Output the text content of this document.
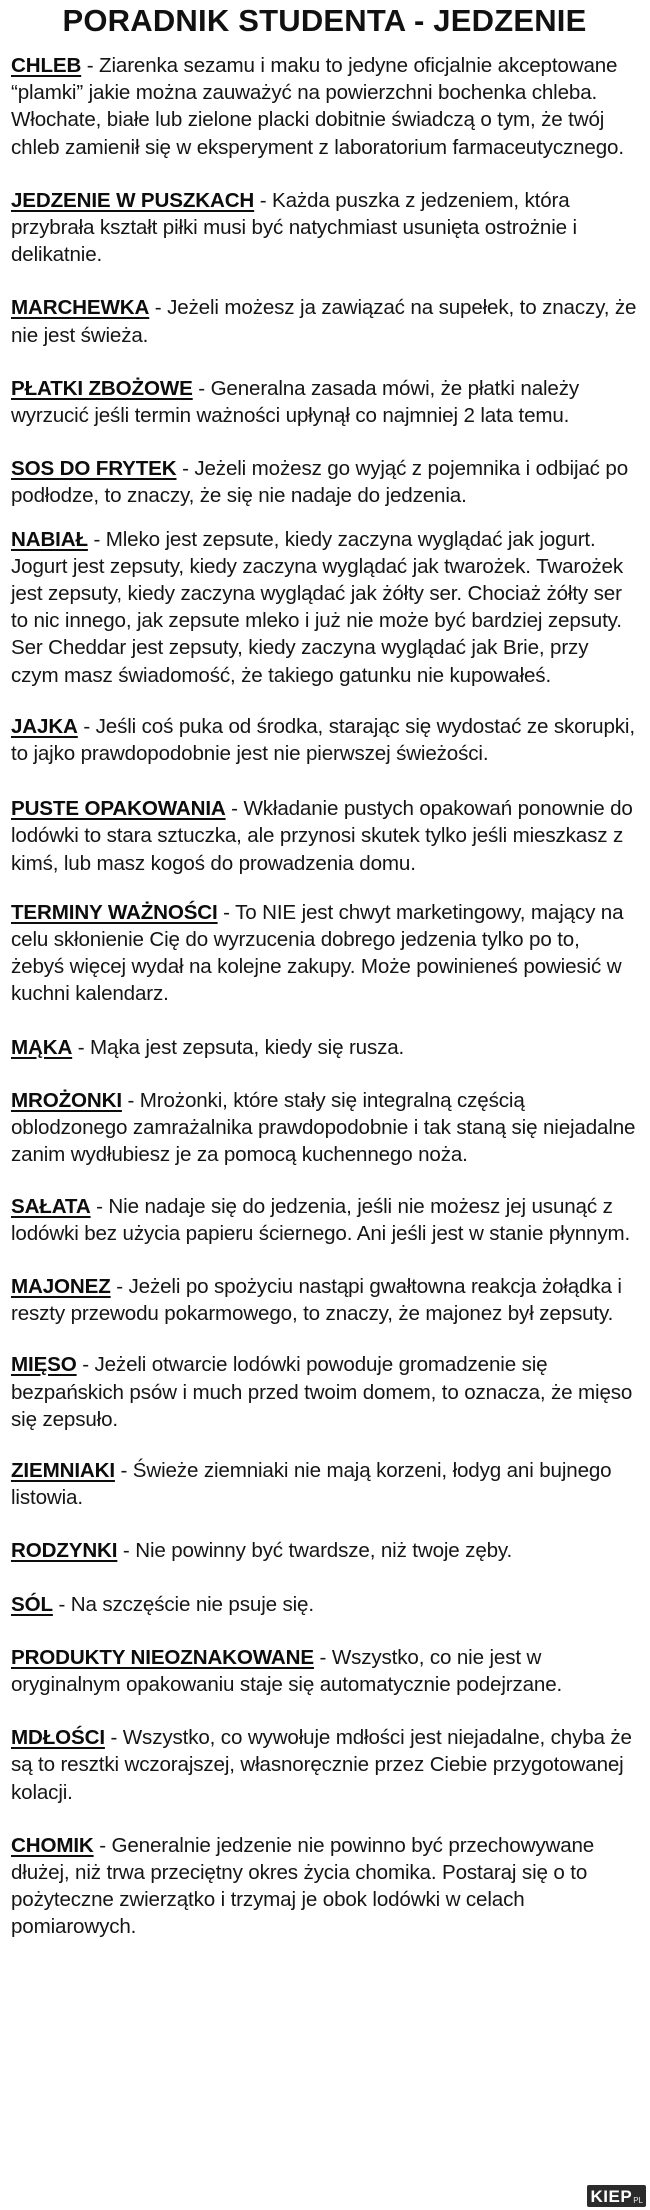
PORADNIK STUDENTA - JEDZENIE
CHLEB - Ziarenka sezamu i maku to jedyne oficjalnie akceptowane “plamki” jakie można zauważyć na powierzchni bochenka chleba. Włochate, białe lub zielone placki dobitnie świadczą o tym, że twój chleb zamienił się w eksperyment z laboratorium farmaceutycznego.
JEDZENIE W PUSZKACH - Każda puszka z jedzeniem, która przybrała kształt piłki musi być natychmiast usunięta ostrożnie i delikatnie.
MARCHEWKA - Jeżeli możesz ja zawiązać na supełek, to znaczy, że nie jest świeża.
PŁATKI ZBOŻOWE - Generalna zasada mówi, że płatki należy wyrzucić jeśli termin ważności upłynął co najmniej 2 lata temu.
SOS DO FRYTEK - Jeżeli możesz go wyjąć z pojemnika i odbijać po podłodze, to znaczy, że się nie nadaje do jedzenia.
NABIAŁ - Mleko jest zepsute, kiedy zaczyna wyglądać jak jogurt. Jogurt jest zepsuty, kiedy zaczyna wyglądać jak twarożek. Twarożek jest zepsuty, kiedy zaczyna wyglądać jak żółty ser. Chociaż żółty ser to nic innego, jak zepsute mleko i już nie może być bardziej zepsuty. Ser Cheddar jest zepsuty, kiedy zaczyna wyglądać jak Brie, przy czym masz świadomość, że takiego gatunku nie kupowałeś.
JAJKA - Jeśli coś puka od środka, starając się wydostać ze skorupki, to jajko prawdopodobnie jest nie pierwszej świeżości.
PUSTE OPAKOWANIA - Wkładanie pustych opakowań ponownie do lodówki to stara sztuczka, ale przynosi skutek tylko jeśli mieszkasz z kimś, lub masz kogoś do prowadzenia domu.
TERMINY WAŻNOŚCI - To NIE jest chwyt marketingowy, mający na celu skłonienie Cię do wyrzucenia dobrego jedzenia tylko po to, żebyś więcej wydał na kolejne zakupy. Może powinieneś powiesić w kuchni kalendarz.
MĄKA - Mąka jest zepsuta, kiedy się rusza.
MROŻONKI - Mrożonki, które stały się integralną częścią oblodzonego zamrażalnika prawdopodobnie i tak staną się niejadalne zanim wydłubiesz je za pomocą kuchennego noża.
SAŁATA - Nie nadaje się do jedzenia, jeśli nie możesz jej usunąć z lodówki bez użycia papieru ściernego. Ani jeśli jest w stanie płynnym.
MAJONEZ - Jeżeli po spożyciu nastąpi gwałtowna reakcja żołądka i reszty przewodu pokarmowego, to znaczy, że majonez był zepsuty.
MIĘSO - Jeżeli otwarcie lodówki powoduje gromadzenie się bezpańskich psów i much przed twoim domem, to oznacza, że mięso się zepsuło.
ZIEMNIAKI - Świeże ziemniaki nie mają korzeni, łodyg ani bujnego listowia.
RODZYNKI - Nie powinny być twardsze, niż twoje zęby.
SÓL - Na szczęście nie psuje się.
PRODUKTY NIEOZNAKOWANE - Wszystko, co nie jest w oryginalnym opakowaniu staje się automatycznie podejrzane.
MDŁOŚCI - Wszystko, co wywołuje mdłości jest niejadalne, chyba że są to resztki wczorajszej, własnoręcznie przez Ciebie przygotowanej kolacji.
CHOMIK - Generalnie jedzenie nie powinno być przechowywane dłużej, niż trwa przeciętny okres życia chomika. Postaraj się o to pożyteczne zwierzątko i trzymaj je obok lodówki w celach pomiarowych.
KIEP PL
